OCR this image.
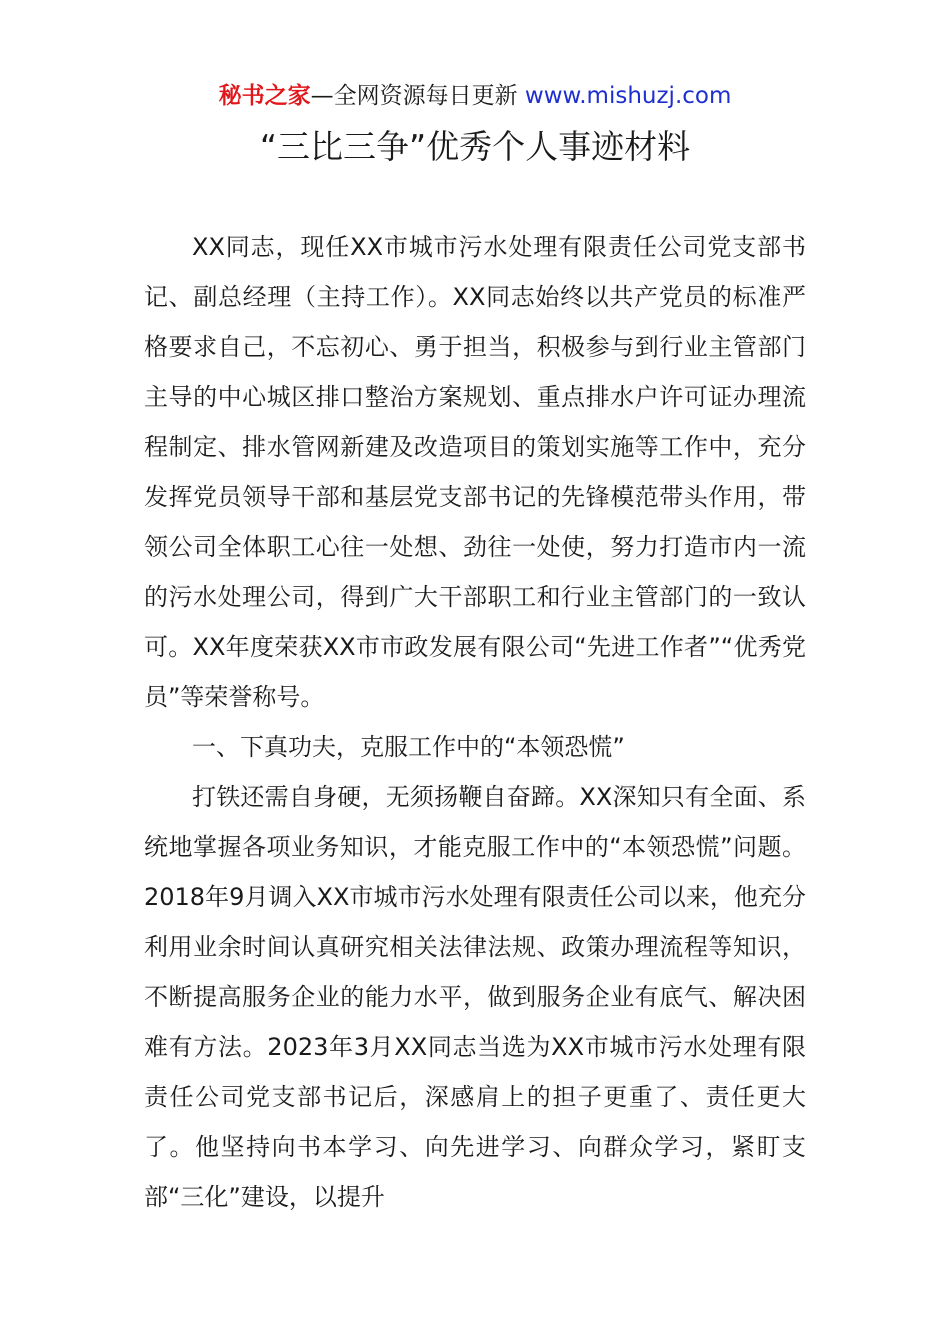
秘书之家—全网资源每日更新 www.mishuzj.com
“三比三争”优秀个人事迹材料

XX同志，现任XX市城市污水处理有限责任公司党支部书记、副总经理（主持工作）。XX同志始终以共产党员的标准严格要求自己，不忘初心、勇于担当，积极参与到行业主管部门主导的中心城区排口整治方案规划、重点排水户许可证办理流程制定、排水管网新建及改造项目的策划实施等工作中，充分发挥党员领导干部和基层党支部书记的先锋模范带头作用，带领公司全体职工心往一处想、劲往一处使，努力打造市内一流的污水处理公司，得到广大干部职工和行业主管部门的一致认可。XX年度荣获XX市市政发展有限公司“先进工作者”“优秀党员”等荣誉称号。

一、下真功夫，克服工作中的“本领恐慌”

打铁还需自身硬，无须扬鞭自奋蹄。XX深知只有全面、系统地掌握各项业务知识，才能克服工作中的“本领恐慌”问题。2018年9月调入XX市城市污水处理有限责任公司以来，他充分利用业余时间认真研究相关法律法规、政策办理流程等知识，不断提高服务企业的能力水平，做到服务企业有底气、解决困难有方法。2023年3月XX同志当选为XX市城市污水处理有限责任公司党支部书记后，深感肩上的担子更重了、责任更大了。他坚持向书本学习、向先进学习、向群众学习，紧盯支部“三化”建设，以提升
